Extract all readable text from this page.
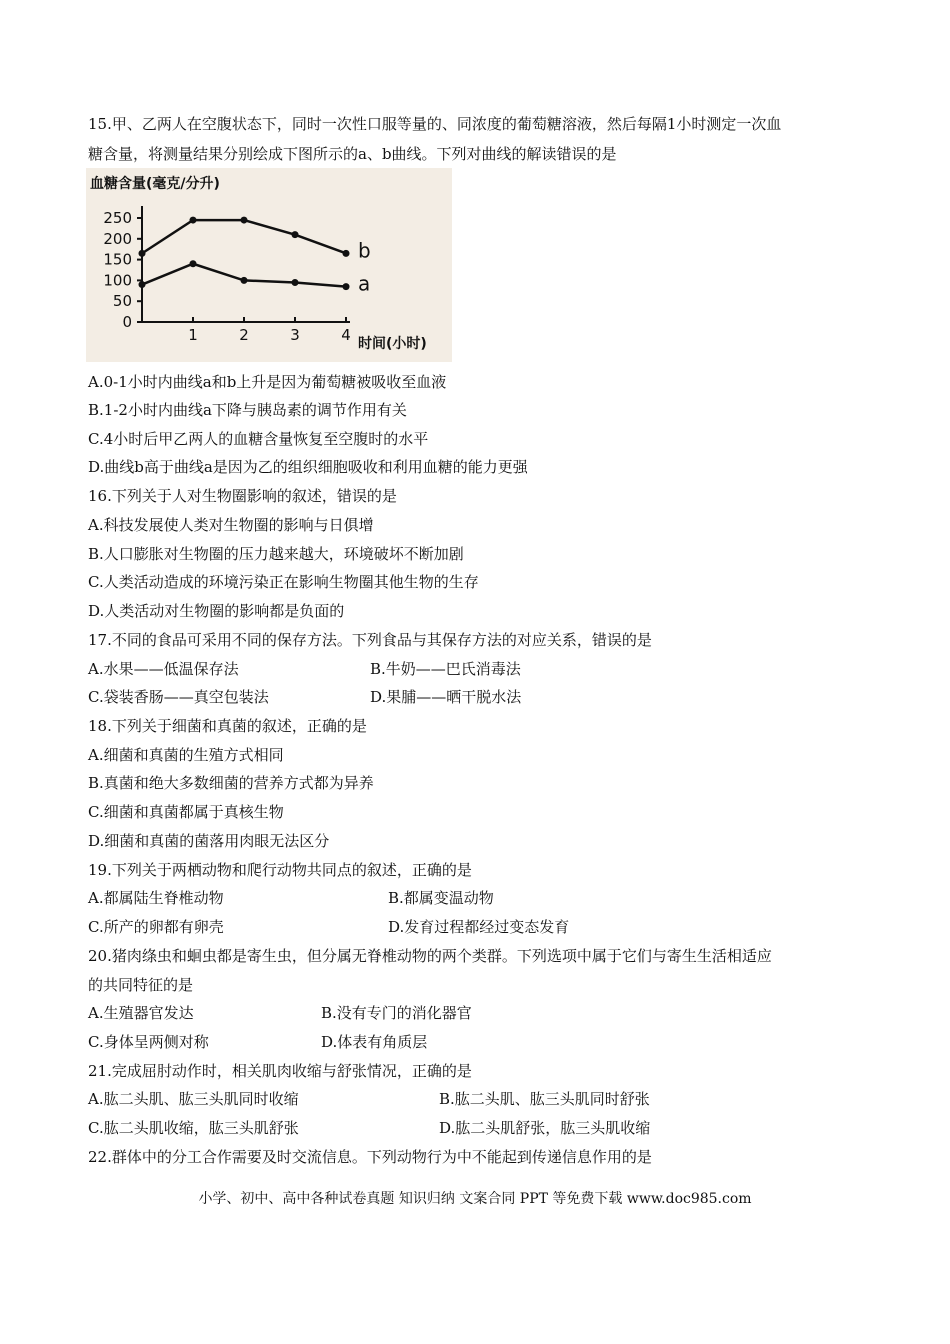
15.甲、乙两人在空腹状态下，同时一次性口服等量的、同浓度的葡萄糖溶液，然后每隔1小时测定一次血
糖含量，将测量结果分别绘成下图所示的a、b曲线。下列对曲线的解读错误的是
血糖含量(毫克/分升)
时间(小时)
250
200
150
100
50
0
1	2	3	4
b
a
A.0-1小时内曲线a和b上升是因为葡萄糖被吸收至血液
B.1-2小时内曲线a下降与胰岛素的调节作用有关
C.4小时后甲乙两人的血糖含量恢复至空腹时的水平
D.曲线b高于曲线a是因为乙的组织细胞吸收和利用血糖的能力更强
16.下列关于人对生物圈影响的叙述，错误的是
A.科技发展使人类对生物圈的影响与日俱增
B.人口膨胀对生物圈的压力越来越大，环境破坏不断加剧
C.人类活动造成的环境污染正在影响生物圈其他生物的生存
D.人类活动对生物圈的影响都是负面的
17.不同的食品可采用不同的保存方法。下列食品与其保存方法的对应关系，错误的是
A.水果——低温保存法	B.牛奶——巴氏消毒法
C.袋装香肠——真空包装法	D.果脯——晒干脱水法
18.下列关于细菌和真菌的叙述，正确的是
A.细菌和真菌的生殖方式相同
B.真菌和绝大多数细菌的营养方式都为异养
C.细菌和真菌都属于真核生物
D.细菌和真菌的菌落用肉眼无法区分
19.下列关于两栖动物和爬行动物共同点的叙述，正确的是
A.都属陆生脊椎动物	B.都属变温动物
C.所产的卵都有卵壳	D.发育过程都经过变态发育
20.猪肉绦虫和蛔虫都是寄生虫，但分属无脊椎动物的两个类群。下列选项中属于它们与寄生生活相适应
的共同特征的是
A.生殖器官发达	B.没有专门的消化器官
C.身体呈两侧对称	D.体表有角质层
21.完成屈肘动作时，相关肌肉收缩与舒张情况，正确的是
A.肱二头肌、肱三头肌同时收缩	B.肱二头肌、肱三头肌同时舒张
C.肱二头肌收缩，肱三头肌舒张	D.肱二头肌舒张，肱三头肌收缩
22.群体中的分工合作需要及时交流信息。下列动物行为中不能起到传递信息作用的是
小学、初中、高中各种试卷真题 知识归纳 文案合同 PPT 等免费下载 www.doc985.com
